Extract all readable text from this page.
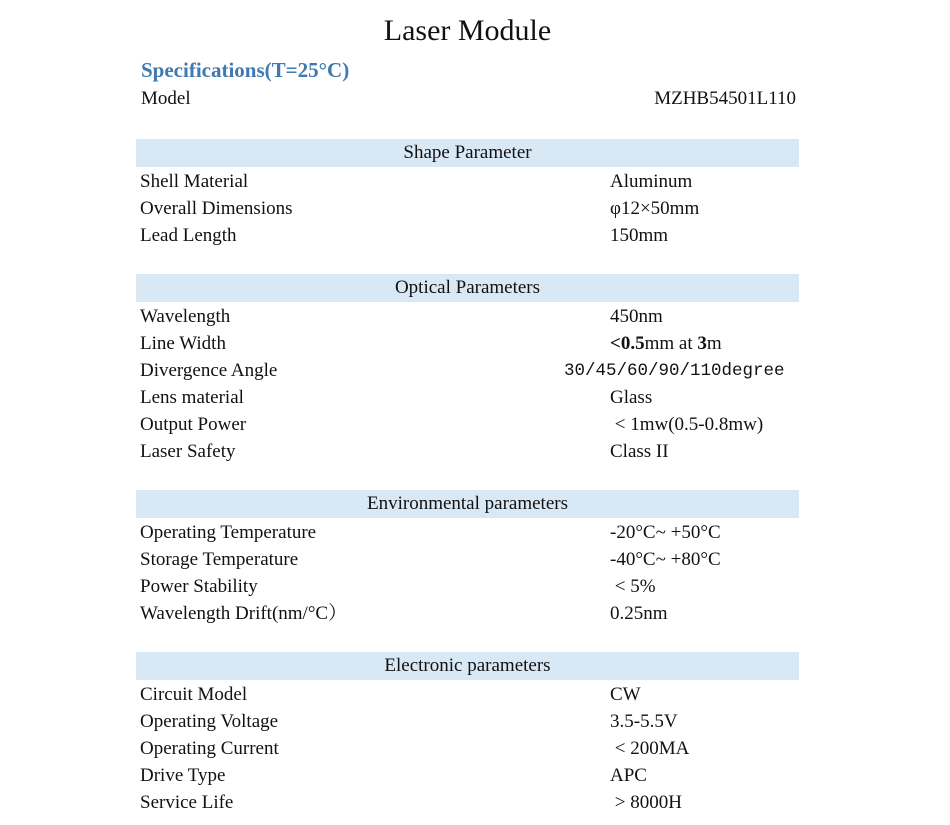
Laser Module
Specifications(T=25°C)
Model	MZHB54501L110
Shape Parameter
Shell Material	Aluminum
Overall Dimensions	φ12×50mm
Lead Length	150mm
Optical Parameters
Wavelength	450nm
Line Width	<0.5mm at 3m
Divergence Angle	30/45/60/90/110degree
Lens material	Glass
Output Power	< 1mw(0.5-0.8mw)
Laser Safety	Class II
Environmental parameters
Operating Temperature	-20°C~ +50°C
Storage Temperature	-40°C~ +80°C
Power Stability	< 5%
Wavelength Drift(nm/°C）	0.25nm
Electronic parameters
Circuit Model	CW
Operating Voltage	3.5-5.5V
Operating Current	< 200MA
Drive Type	APC
Service Life	> 8000H
